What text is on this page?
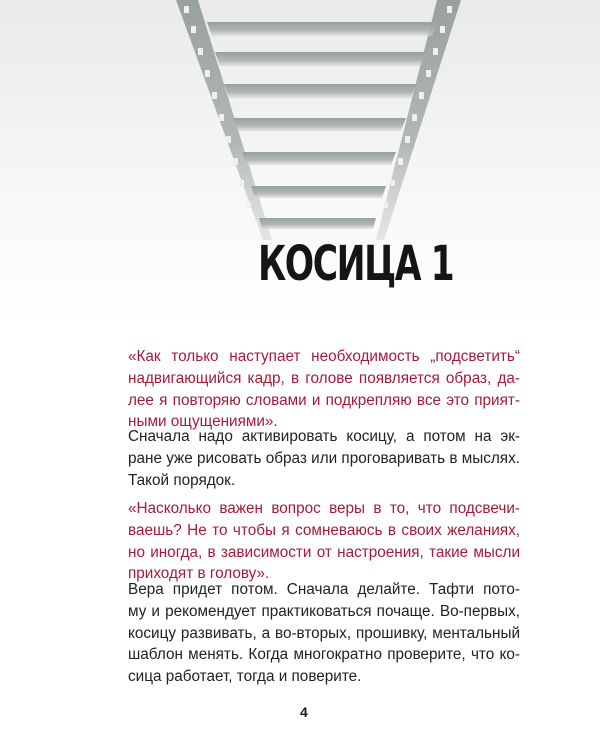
КОСИЦА 1

«Как только наступает необходимость „подсветить“
надвигающийся кадр, в голове появляется образ, да-
лее я повторяю словами и подкрепляю все это прият-
ными ощущениями».

Сначала надо активировать косицу, а потом на эк-
ране уже рисовать образ или проговаривать в мыслях.
Такой порядок.

«Насколько важен вопрос веры в то, что подсвечи-
ваешь? Не то чтобы я сомневаюсь в своих желаниях,
но иногда, в зависимости от настроения, такие мысли
приходят в голову».

Вера придет потом. Сначала делайте. Тафти пото-
му и рекомендует практиковаться почаще. Во-первых,
косицу развивать, а во-вторых, прошивку, ментальный
шаблон менять. Когда многократно проверите, что ко-
сица работает, тогда и поверите.

4
